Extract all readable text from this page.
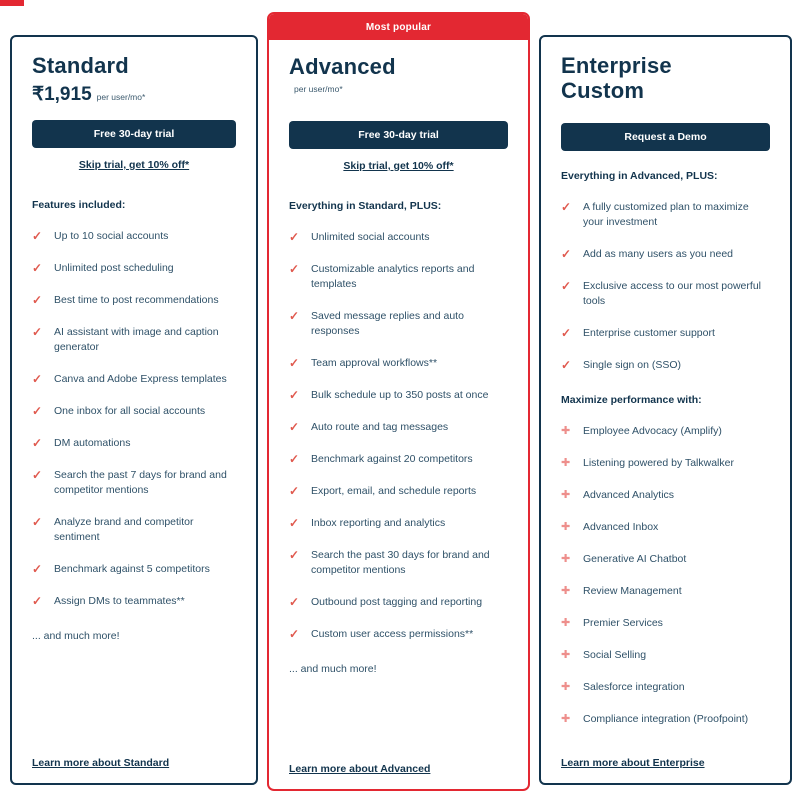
Standard
₹1,915 per user/mo*
Free 30-day trial
Skip trial, get 10% off*

Features included:

✓ Up to 10 social accounts
✓ Unlimited post scheduling
✓ Best time to post recommendations
✓ AI assistant with image and caption generator
✓ Canva and Adobe Express templates
✓ One inbox for all social accounts
✓ DM automations
✓ Search the past 7 days for brand and competitor mentions
✓ Analyze brand and competitor sentiment
✓ Benchmark against 5 competitors
✓ Assign DMs to teammates**

... and much more!

Learn more about Standard
Most popular
Advanced
per user/mo*
Free 30-day trial
Skip trial, get 10% off*

Everything in Standard, PLUS:

✓ Unlimited social accounts
✓ Customizable analytics reports and templates
✓ Saved message replies and auto responses
✓ Team approval workflows**
✓ Bulk schedule up to 350 posts at once
✓ Auto route and tag messages
✓ Benchmark against 20 competitors
✓ Export, email, and schedule reports
✓ Inbox reporting and analytics
✓ Search the past 30 days for brand and competitor mentions
✓ Outbound post tagging and reporting
✓ Custom user access permissions**

... and much more!

Learn more about Advanced
Enterprise
Custom
Request a Demo

Everything in Advanced, PLUS:

✓ A fully customized plan to maximize your investment
✓ Add as many users as you need
✓ Exclusive access to our most powerful tools
✓ Enterprise customer support
✓ Single sign on (SSO)

Maximize performance with:

✚ Employee Advocacy (Amplify)
✚ Listening powered by Talkwalker
✚ Advanced Analytics
✚ Advanced Inbox
✚ Generative AI Chatbot
✚ Review Management
✚ Premier Services
✚ Social Selling
✚ Salesforce integration
✚ Compliance integration (Proofpoint)
Learn more about Enterprise
